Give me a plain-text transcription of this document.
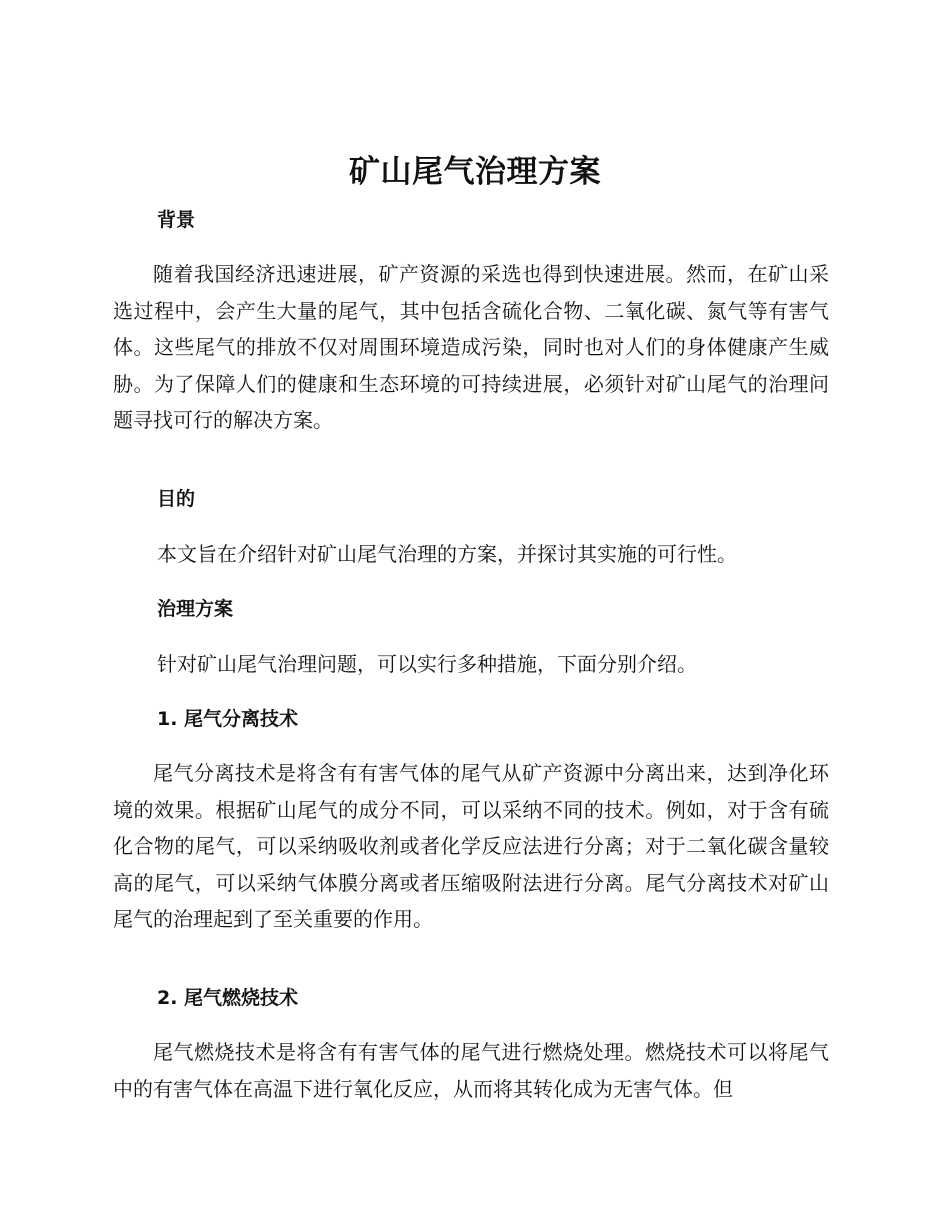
矿山尾气治理方案
背景

随着我国经济迅速进展，矿产资源的采选也得到快速进展。然而，在矿山采选过程中，会产生大量的尾气，其中包括含硫化合物、二氧化碳、氮气等有害气体。这些尾气的排放不仅对周围环境造成污染，同时也对人们的身体健康产生威胁。为了保障人们的健康和生态环境的可持续进展，必须针对矿山尾气的治理问题寻找可行的解决方案。

目的
本文旨在介绍针对矿山尾气治理的方案，并探讨其实施的可行性。
治理方案
针对矿山尾气治理问题，可以实行多种措施，下面分别介绍。
1. 尾气分离技术

尾气分离技术是将含有有害气体的尾气从矿产资源中分离出来，达到净化环境的效果。根据矿山尾气的成分不同，可以采纳不同的技术。例如，对于含有硫化合物的尾气，可以采纳吸收剂或者化学反应法进行分离；对于二氧化碳含量较高的尾气，可以采纳气体膜分离或者压缩吸附法进行分离。尾气分离技术对矿山尾气的治理起到了至关重要的作用。

2. 尾气燃烧技术

尾气燃烧技术是将含有有害气体的尾气进行燃烧处理。燃烧技术可以将尾气中的有害气体在高温下进行氧化反应，从而将其转化成为无害气体。但
